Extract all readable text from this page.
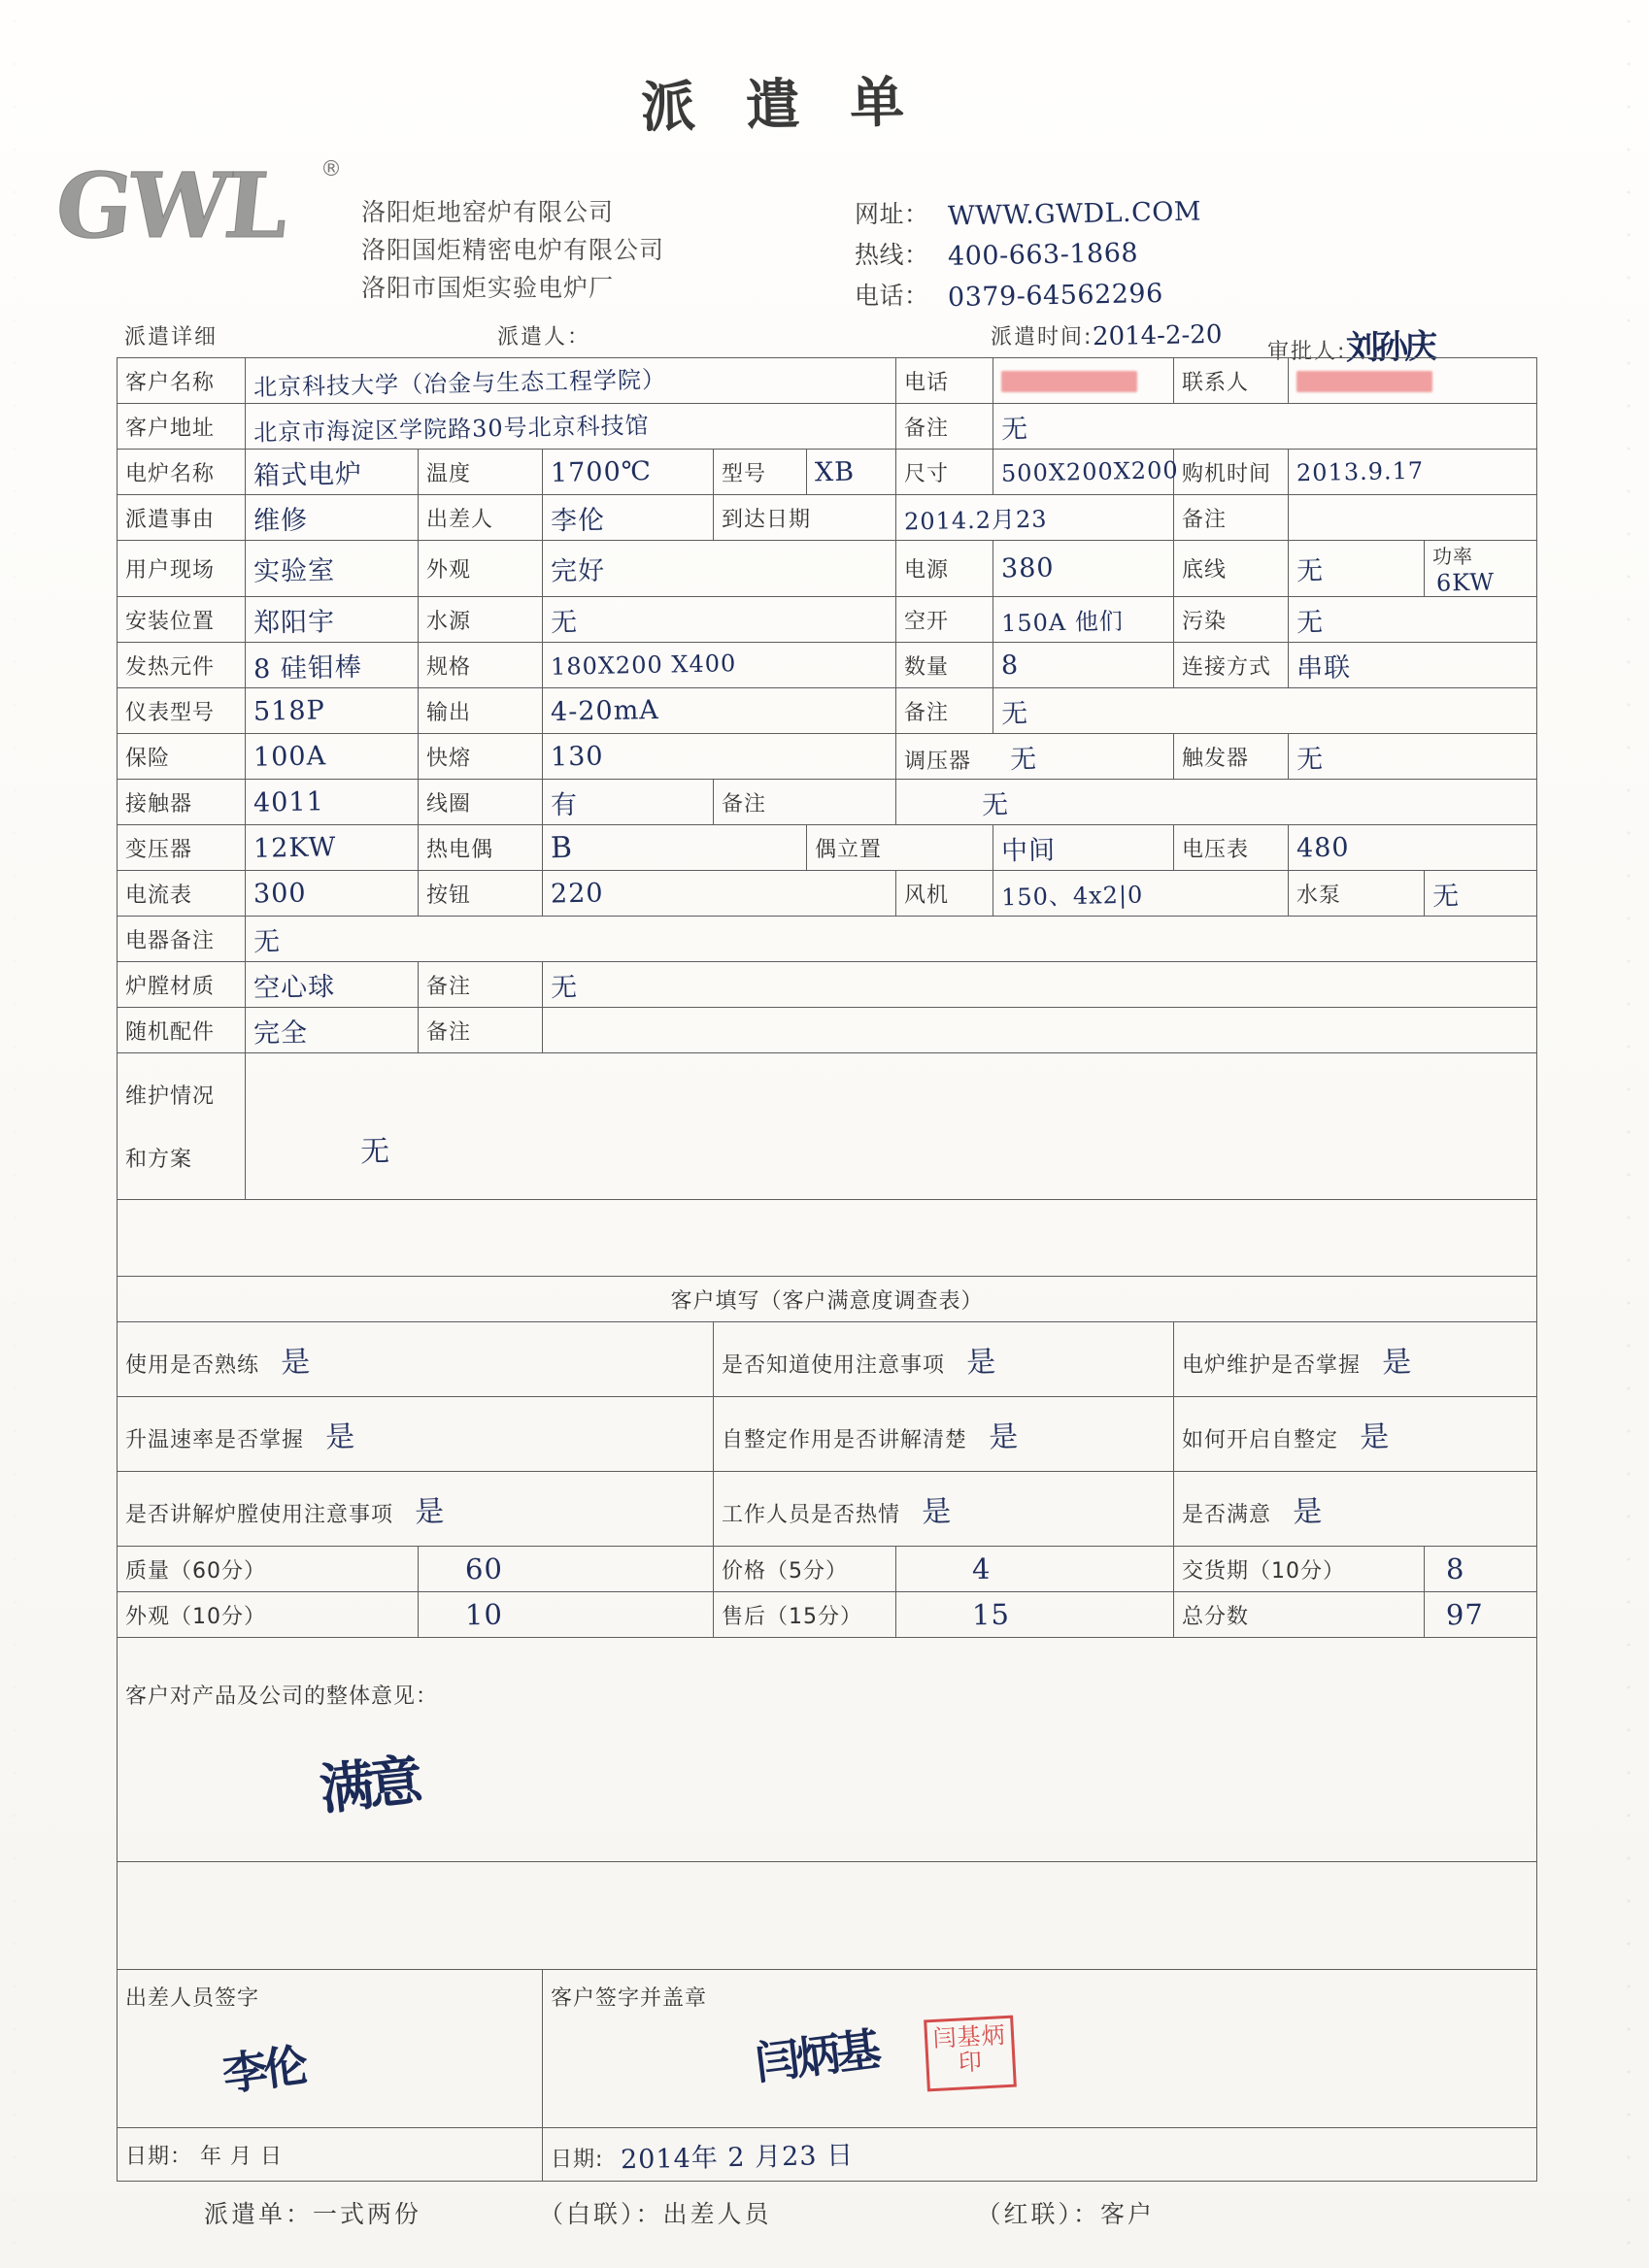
派 遣 单
GWL ®
洛阳炬地窑炉有限公司
洛阳国炬精密电炉有限公司
洛阳市国炬实验电炉厂
网址： WWW.GWDL.COM
热线： 400-663-1868
电话： 0379-64562296
派遣详细	派遣人：	派遣时间:2014-2-20
审批人:刘孙庆
客户名称	北京科技大学（冶金与生态工程学院）					电话		联系人		
客户地址	北京市海淀区学院路30号北京科技馆					备注	无			
电炉名称	箱式电炉	温度	1700℃	型号	XB	尺寸	500X200X200	购机时间	2013.9.17	
派遣事由	维修	出差人	李伦	到达日期		2014.2月23		备注		
用户现场	实验室	外观	完好			电源	380	底线	无	功率6KW
安装位置	郑阳宇	水源	无			空开	150A 他们	污染	无	
发热元件	8 硅钼棒	规格	180X200 X400			数量	8	连接方式	串联	
仪表型号	518P	输出	4-20mA			备注	无			
保险	100A	快熔	130			调压器 无		触发器	无	
接触器	4011	线圈	有	备注		无				
变压器	12KW	热电偶	B		偶立置		中间	电压表	480	
电流表	300	按钮	220			风机	150、4x2|0		水泵	无
电器备注	无									
炉膛材质	空心球	备注	无							
随机配件	完全	备注								

维护情况
和方案	无									

客户填写（客户满意度调查表）										
使用是否熟练 是				是否知道使用注意事项 是				电炉维护是否掌握 是		
升温速率是否掌握 是				自整定作用是否讲解清楚 是				如何开启自整定 是		
是否讲解炉膛使用注意事项 是				工作人员是否热情 是				是否满意 是		
质量（60分）		60		价格（5分）		4		交货期（10分）		8
外观（10分）		10		售后（15分）		15		总分数		97

客户对产品及公司的整体意见：
满意										

出差人员签字
李伦

客户签字并盖章
闫炳基	闫基炳印

日期： 年 月 日			日期: 2014年 2 月23 日							
派遣单：一式两份	（白联）：出差人员	（红联）：客户
